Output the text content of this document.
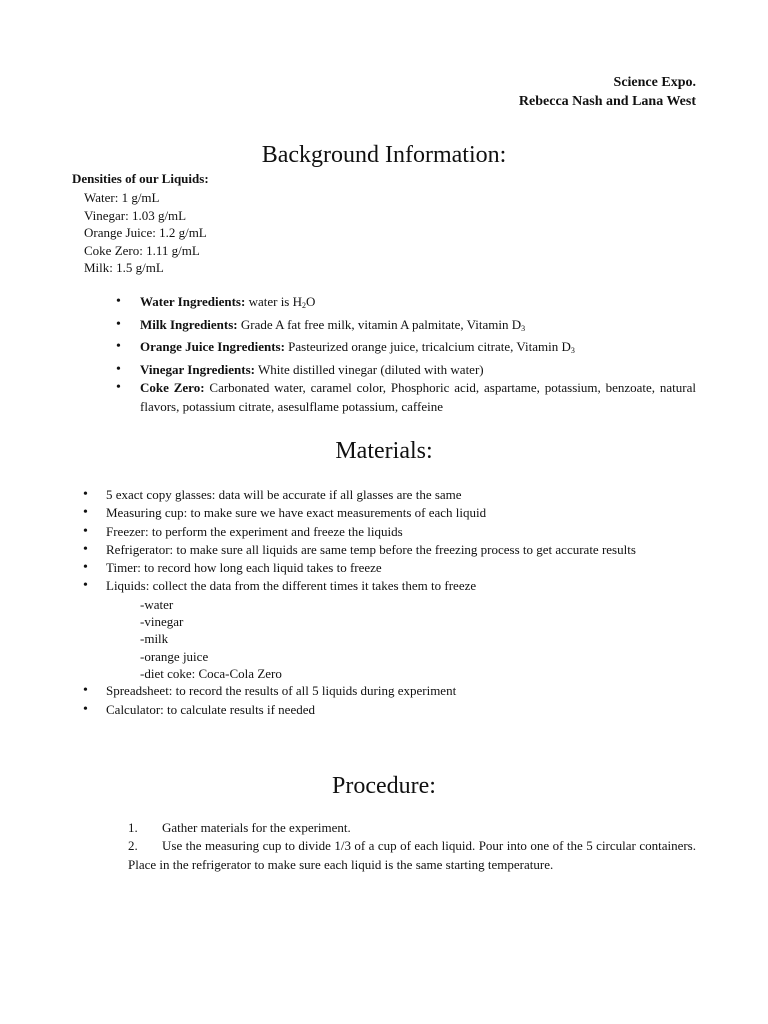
Science Expo.
Rebecca Nash and Lana West
Background Information:
Densities of our Liquids:
Water: 1 g/mL
Vinegar: 1.03 g/mL
Orange Juice: 1.2 g/mL
Coke Zero: 1.11 g/mL
Milk: 1.5 g/mL
• Water Ingredients: water is $H_2O$
• Milk Ingredients: Grade A fat free milk, vitamin A palmitate, Vitamin $D_3$
• Orange Juice Ingredients: Pasteurized orange juice, tricalcium citrate, Vitamin $D_3$
• Vinegar Ingredients: White distilled vinegar (diluted with water)
• Coke Zero: Carbonated water, caramel color, Phosphoric acid, aspartame, potassium, benzoate, natural flavors, potassium citrate, asesulflame potassium, caffeine
Materials:
• 5 exact copy glasses: data will be accurate if all glasses are the same
• Measuring cup: to make sure we have exact measurements of each liquid
• Freezer: to perform the experiment and freeze the liquids
• Refrigerator: to make sure all liquids are same temp before the freezing process to get accurate results
• Timer: to record how long each liquid takes to freeze
• Liquids: collect the data from the different times it takes them to freeze
-water
-vinegar
-milk
-orange juice
-diet coke: Coca-Cola Zero
• Spreadsheet: to record the results of all 5 liquids during experiment
• Calculator: to calculate results if needed
Procedure:
1. Gather materials for the experiment.
2. Use the measuring cup to divide 1/3 of a cup of each liquid. Pour into one of the 5 circular containers. Place in the refrigerator to make sure each liquid is the same starting temperature.
